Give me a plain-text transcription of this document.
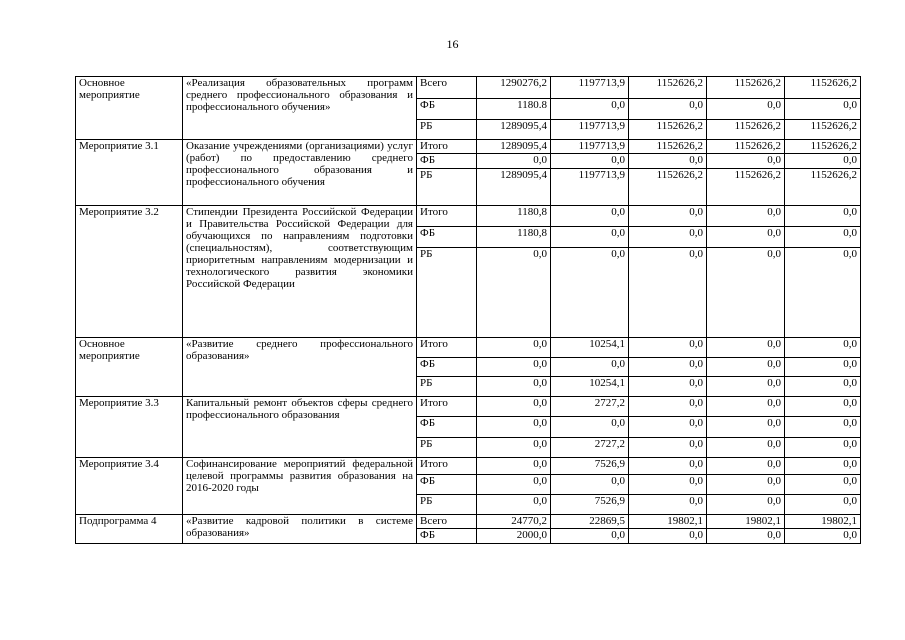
16
Основное мероприятие	«Реализация образовательных программ среднего профессионального образования и профессионального обучения»	Всего	1290276,2	1197713,9	1152626,2	1152626,2	1152626,2
		ФБ	1180.8	0,0	0,0	0,0	0,0
		РБ	1289095,4	1197713,9	1152626,2	1152626,2	1152626,2
Мероприятие 3.1	Оказание учреждениями (организациями) услуг (работ) по предоставлению среднего профессионального образования и профессионального обучения	Итого	1289095,4	1197713,9	1152626,2	1152626,2	1152626,2
		ФБ	0,0	0,0	0,0	0,0	0,0
		РБ	1289095,4	1197713,9	1152626,2	1152626,2	1152626,2
Мероприятие 3.2	Стипендии Президента Российской Федерации и Правительства Российской Федерации для обучающихся по направлениям подготовки (специальностям), соответствующим приоритетным направлениям модернизации и технологического развития экономики Российской Федерации	Итого	1180,8	0,0	0,0	0,0	0,0
		ФБ	1180,8	0,0	0,0	0,0	0,0
		РБ	0,0	0,0	0,0	0,0	0,0
Основное мероприятие	«Развитие среднего профессионального образования»	Итого	0,0	10254,1	0,0	0,0	0,0
		ФБ	0,0	0,0	0,0	0,0	0,0
		РБ	0,0	10254,1	0,0	0,0	0,0
Мероприятие 3.3	Капитальный ремонт объектов сферы среднего профессионального образования	Итого	0,0	2727,2	0,0	0,0	0,0
		ФБ	0,0	0,0	0,0	0,0	0,0
		РБ	0,0	2727,2	0,0	0,0	0,0
Мероприятие 3.4	Софинансирование мероприятий федеральной целевой программы развития образования на 2016-2020 годы	Итого	0,0	7526,9	0,0	0,0	0,0
		ФБ	0,0	0,0	0,0	0,0	0,0
		РБ	0,0	7526,9	0,0	0,0	0,0
Подпрограмма 4	«Развитие кадровой политики в системе образования»	Всего	24770,2	22869,5	19802,1	19802,1	19802,1
		ФБ	2000,0	0,0	0,0	0,0	0,0
